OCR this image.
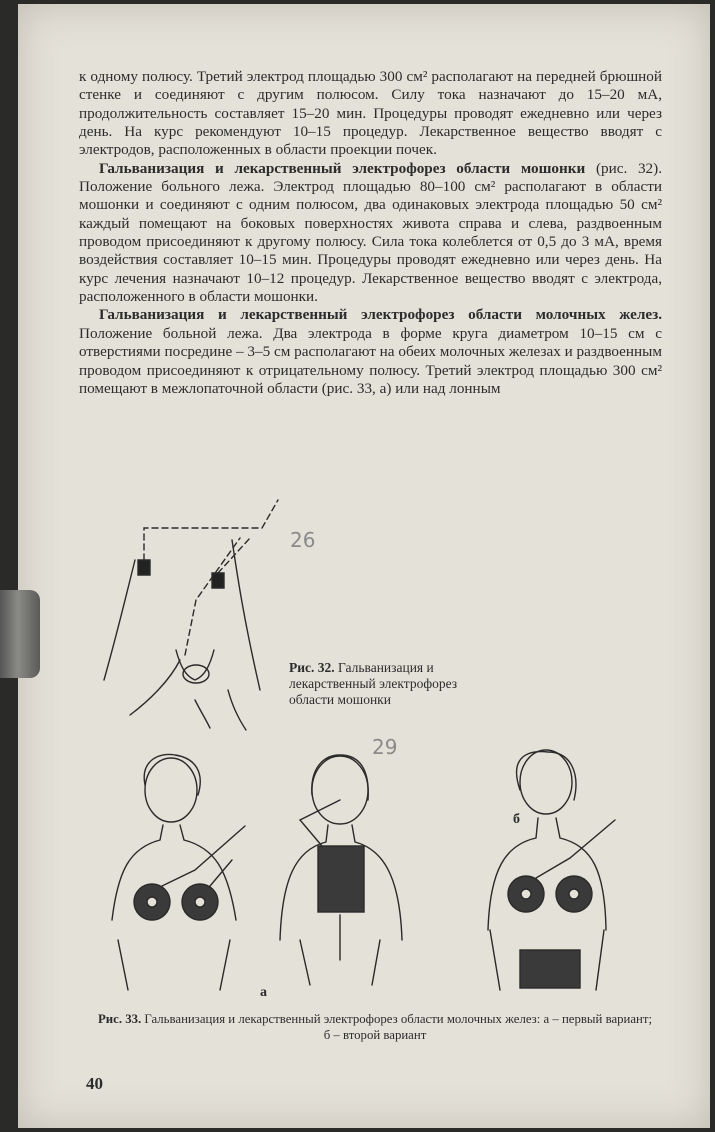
к одному полюсу. Третий электрод площадью 300 см² располагают на передней брюшной стенке и соединяют с другим полюсом. Силу тока назначают до 15–20 мА, продолжительность составляет 15–20 мин. Процедуры проводят ежедневно или через день. На курс рекомендуют 10–15 процедур. Лекарственное вещество вводят с электродов, расположенных в области проекции почек.

Гальванизация и лекарственный электрофорез области мошонки (рис. 32). Положение больного лежа. Электрод площадью 80–100 см² располагают в области мошонки и соединяют с одним полюсом, два одинаковых электрода площадью 50 см² каждый помещают на боковых поверхностях живота справа и слева, раздвоенным проводом присоединяют к другому полюсу. Сила тока колеблется от 0,5 до 3 мА, время воздействия составляет 10–15 мин. Процедуры проводят ежедневно или через день. На курс лечения назначают 10–12 процедур. Лекарственное вещество вводят с электрода, расположенного в области мошонки.

Гальванизация и лекарственный электрофорез области молочных желез. Положение больной лежа. Два электрода в форме круга диаметром 10–15 см с отверстиями посредине – 3–5 см располагают на обеих молочных железах и раздвоенным проводом присоединяют к отрицательному полюсу. Третий электрод площадью 300 см² помещают в межлопаточной области (рис. 33, а) или над лонным

26
29
Рис. 32. Гальванизация и лекарственный электрофорез области мошонки
а
б
Рис. 33. Гальванизация и лекарственный электрофорез области молочных желез: а – первый вариант; б – второй вариант
40
